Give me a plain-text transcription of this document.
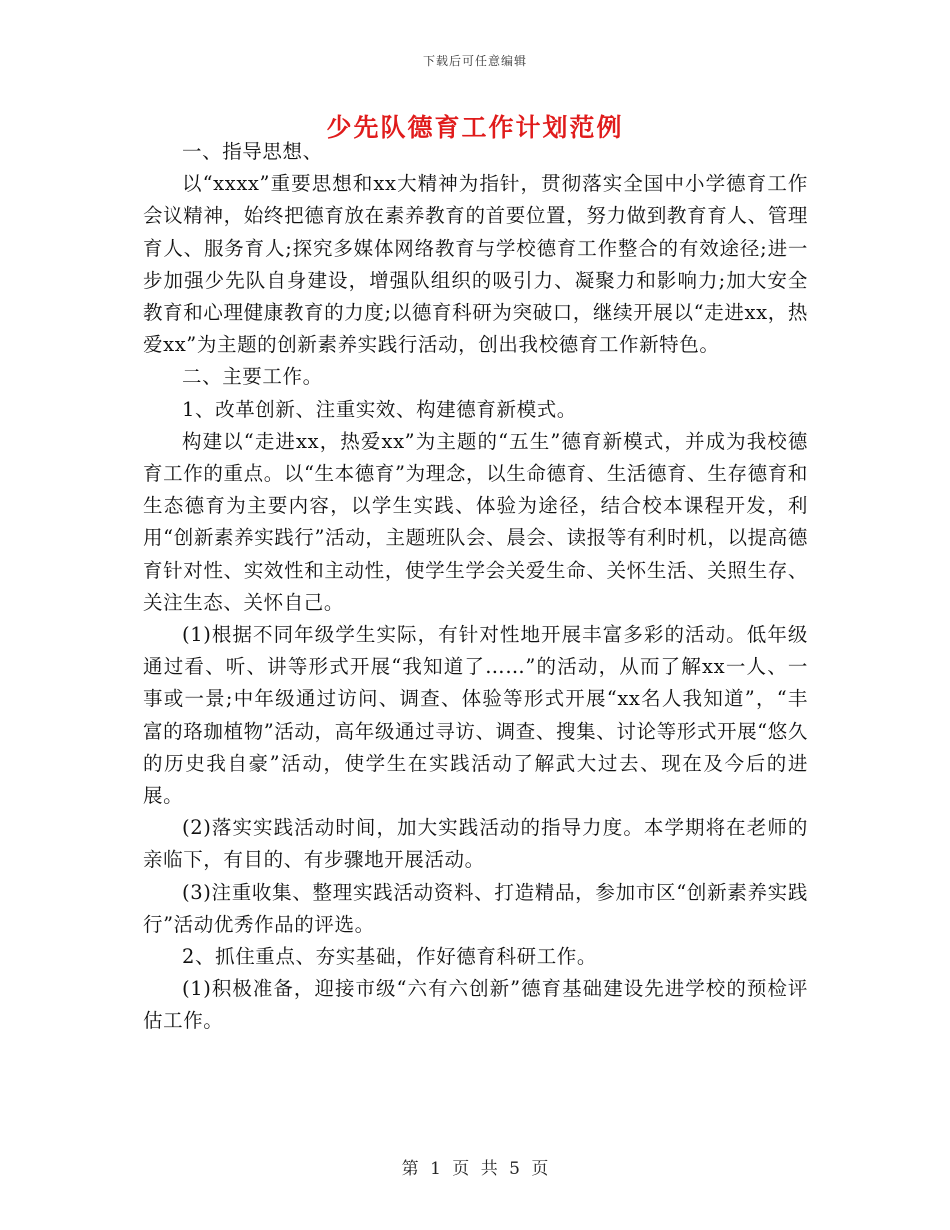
下载后可任意编辑
少先队德育工作计划范例

一、指导思想、

以“xxxx”重要思想和xx大精神为指针，贯彻落实全国中小学德育工作会议精神，始终把德育放在素养教育的首要位置，努力做到教育育人、管理育人、服务育人;探究多媒体网络教育与学校德育工作整合的有效途径;进一步加强少先队自身建设，增强队组织的吸引力、凝聚力和影响力;加大安全教育和心理健康教育的力度;以德育科研为突破口，继续开展以“走进xx，热爱xx”为主题的创新素养实践行活动，创出我校德育工作新特色。

二、主要工作。

1、改革创新、注重实效、构建德育新模式。

构建以“走进xx，热爱xx”为主题的“五生”德育新模式，并成为我校德育工作的重点。以“生本德育”为理念，以生命德育、生活德育、生存德育和生态德育为主要内容，以学生实践、体验为途径，结合校本课程开发，利用“创新素养实践行”活动，主题班队会、晨会、读报等有利时机，以提高德育针对性、实效性和主动性，使学生学会关爱生命、关怀生活、关照生存、关注生态、关怀自己。

(1)根据不同年级学生实际，有针对性地开展丰富多彩的活动。低年级通过看、听、讲等形式开展“我知道了……”的活动，从而了解xx一人、一事或一景;中年级通过访问、调查、体验等形式开展“xx名人我知道”，“丰富的珞珈植物”活动，高年级通过寻访、调查、搜集、讨论等形式开展“悠久的历史我自豪”活动，使学生在实践活动了解武大过去、现在及今后的进展。

(2)落实实践活动时间，加大实践活动的指导力度。本学期将在老师的亲临下，有目的、有步骤地开展活动。

(3)注重收集、整理实践活动资料、打造精品，参加市区“创新素养实践行”活动优秀作品的评选。

2、抓住重点、夯实基础，作好德育科研工作。

(1)积极准备，迎接市级“六有六创新”德育基础建设先进学校的预检评估工作。

第 1 页 共 5 页
